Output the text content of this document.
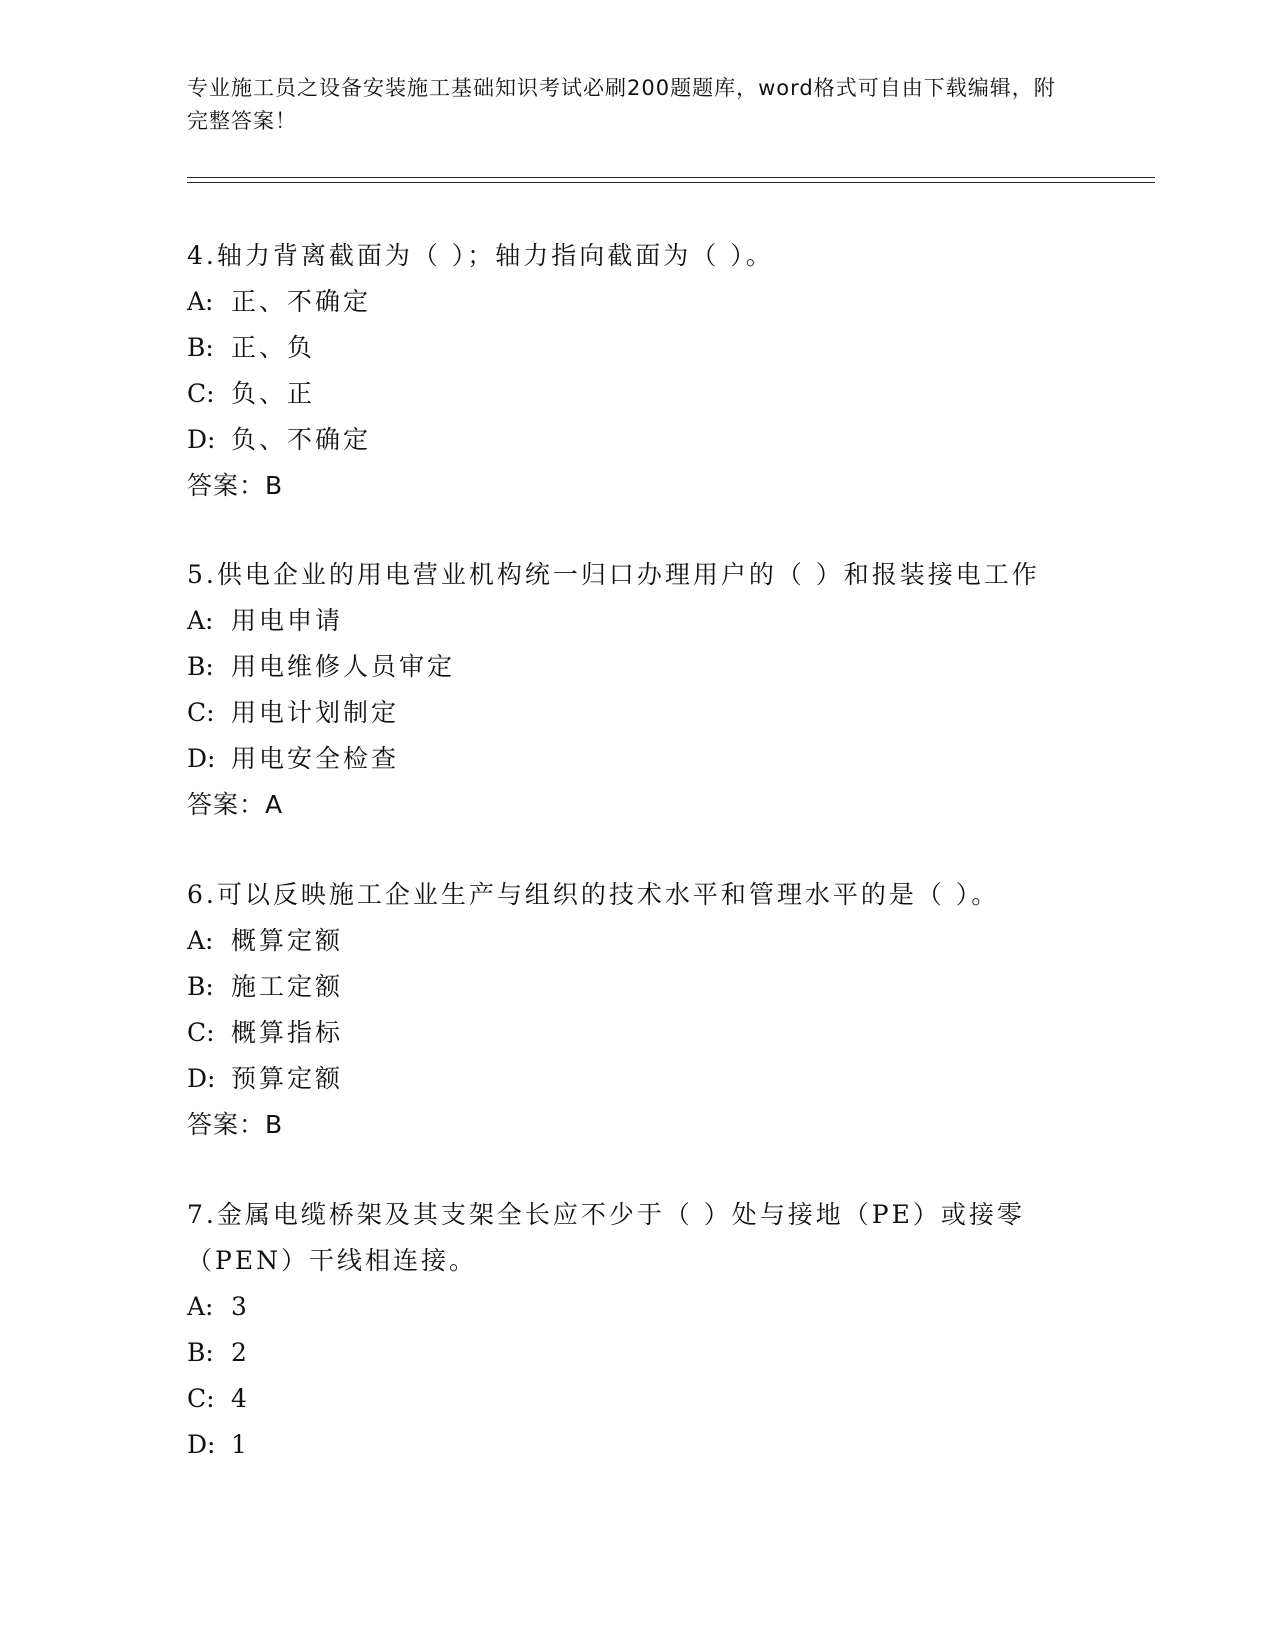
专业施工员之设备安装施工基础知识考试必刷200题题库，word格式可自由下载编辑，附完整答案！
4.轴力背离截面为（ ）；轴力指向截面为（ ）。
A: 正、不确定
B: 正、负
C: 负、正
D: 负、不确定
答案：B
5.供电企业的用电营业机构统一归口办理用户的（ ）和报装接电工作
A: 用电申请
B: 用电维修人员审定
C: 用电计划制定
D: 用电安全检查
答案：A
6.可以反映施工企业生产与组织的技术水平和管理水平的是（ ）。
A: 概算定额
B: 施工定额
C: 概算指标
D: 预算定额
答案：B
7.金属电缆桥架及其支架全长应不少于（ ）处与接地（PE）或接零（PEN）干线相连接。
A: 3
B: 2
C: 4
D: 1
